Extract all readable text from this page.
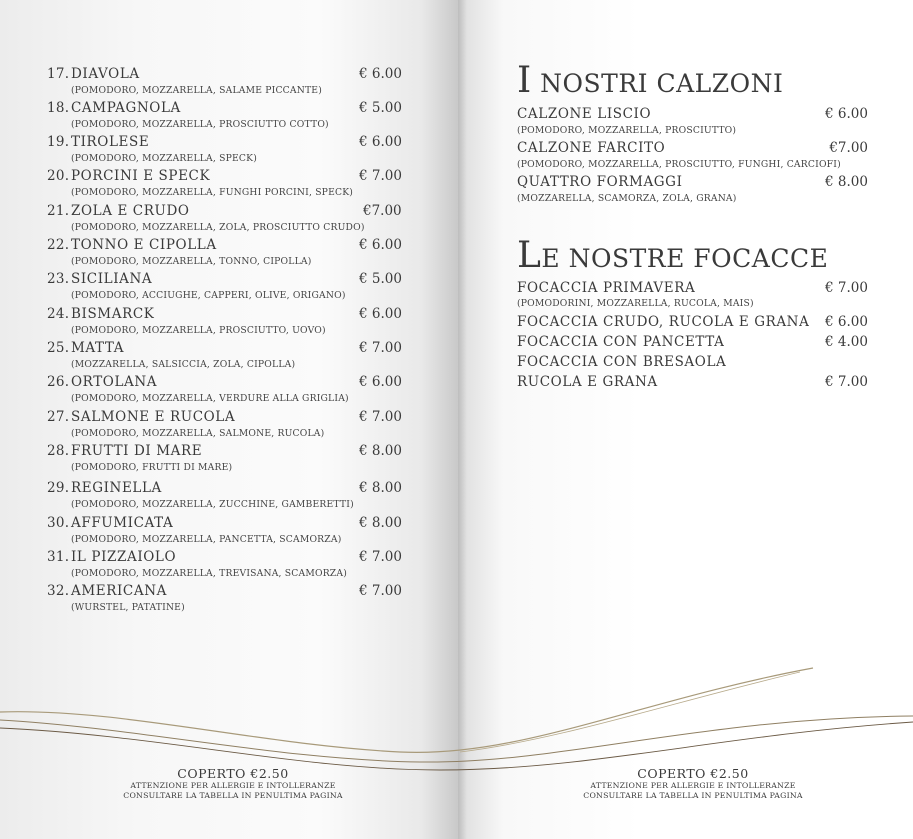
17. DIAVOLA	€ 6.00
(POMODORO, MOZZARELLA, SALAME PICCANTE)
18. CAMPAGNOLA	€ 5.00
(POMODORO, MOZZARELLA, PROSCIUTTO COTTO)
19. TIROLESE	€ 6.00
(POMODORO, MOZZARELLA, SPECK)
20. PORCINI E SPECK	€ 7.00
(POMODORO, MOZZARELLA, FUNGHI PORCINI, SPECK)
21. ZOLA E CRUDO	€7.00
(POMODORO, MOZZARELLA, ZOLA, PROSCIUTTO CRUDO)
22. TONNO E CIPOLLA	€ 6.00
(POMODORO, MOZZARELLA, TONNO, CIPOLLA)
23. SICILIANA	€ 5.00
(POMODORO, ACCIUGHE, CAPPERI, OLIVE, ORIGANO)
24. BISMARCK	€ 6.00
(POMODORO, MOZZARELLA, PROSCIUTTO, UOVO)
25. MATTA	€ 7.00
(MOZZARELLA, SALSICCIA, ZOLA, CIPOLLA)
26. ORTOLANA	€ 6.00
(POMODORO, MOZZARELLA, VERDURE ALLA GRIGLIA)
27. SALMONE E RUCOLA	€ 7.00
(POMODORO, MOZZARELLA, SALMONE, RUCOLA)
28. FRUTTI DI MARE	€ 8.00
(POMODORO, FRUTTI DI MARE)
29. REGINELLA	€ 8.00
(POMODORO, MOZZARELLA, ZUCCHINE, GAMBERETTI)
30. AFFUMICATA	€ 8.00
(POMODORO, MOZZARELLA, PANCETTA, SCAMORZA)
31. IL PIZZAIOLO	€ 7.00
(POMODORO, MOZZARELLA, TREVISANA, SCAMORZA)
32. AMERICANA	€ 7.00
(WURSTEL, PATATINE)
COPERTO €2.50
ATTENZIONE PER ALLERGIE E INTOLLERANZE
CONSULTARE LA TABELLA IN PENULTIMA PAGINA
I NOSTRI CALZONI
CALZONE LISCIO	€ 6.00
(POMODORO, MOZZARELLA, PROSCIUTTO)
CALZONE FARCITO	€7.00
(POMODORO, MOZZARELLA, PROSCIUTTO, FUNGHI, CARCIOFI)
QUATTRO FORMAGGI	€ 8.00
(MOZZARELLA, SCAMORZA, ZOLA, GRANA)
LE NOSTRE FOCACCE
FOCACCIA PRIMAVERA	€ 7.00
(POMODORINI, MOZZARELLA, RUCOLA, MAIS)
FOCACCIA CRUDO, RUCOLA E GRANA € 6.00
FOCACCIA CON PANCETTA	€ 4.00
FOCACCIA CON BRESAOLA
RUCOLA E GRANA	€ 7.00
COPERTO €2.50
ATTENZIONE PER ALLERGIE E INTOLLERANZE
CONSULTARE LA TABELLA IN PENULTIMA PAGINA
